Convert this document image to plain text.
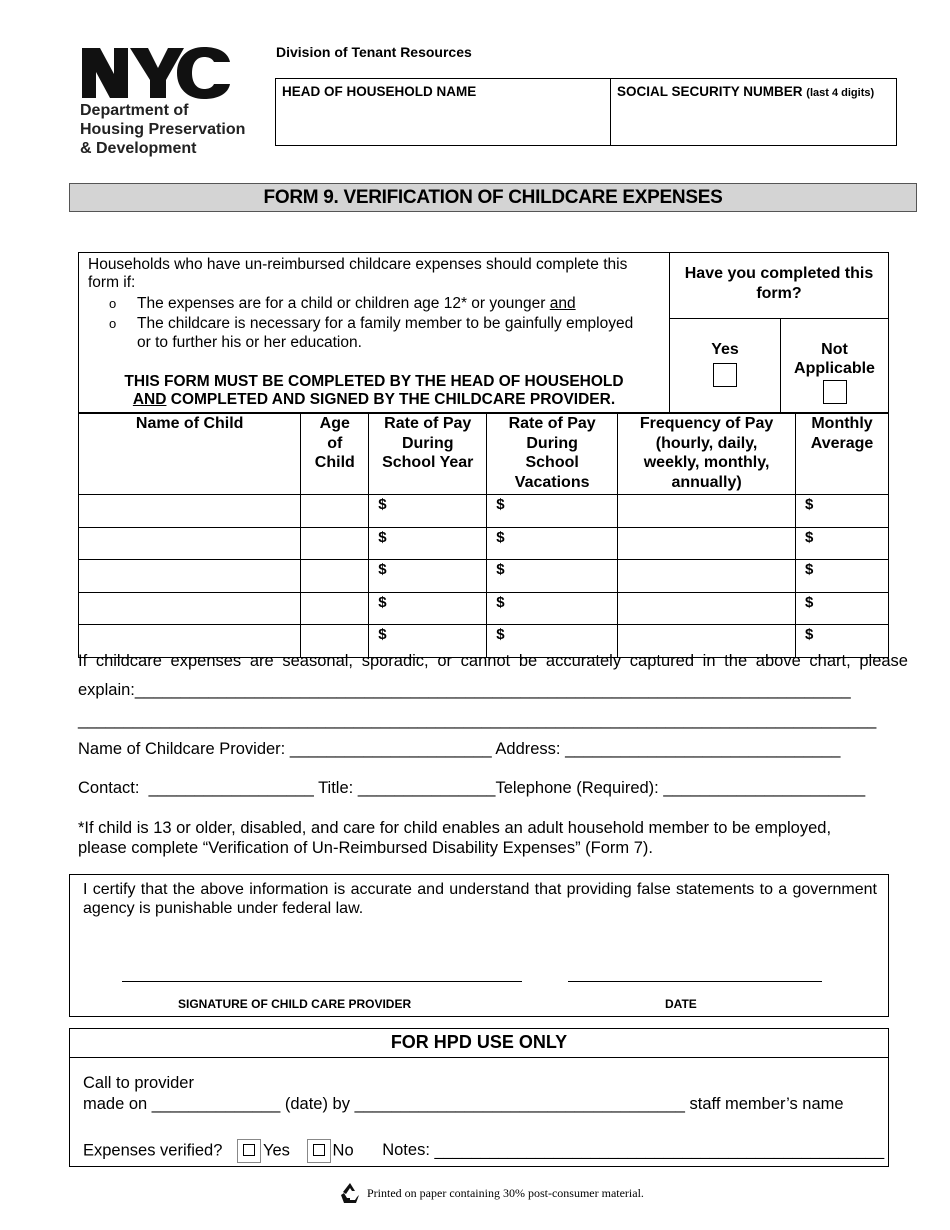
Department of
Housing Preservation
& Development
Division of Tenant Resources
HEAD OF HOUSEHOLD NAME	SOCIAL SECURITY NUMBER (last 4 digits)
FORM 9. VERIFICATION OF CHILDCARE EXPENSES
Households who have un-reimbursed childcare expenses should complete this form if:
o The expenses are for a child or children age 12* or younger and
o The childcare is necessary for a family member to be gainfully employed or to further his or her education.
THIS FORM MUST BE COMPLETED BY THE HEAD OF HOUSEHOLD
AND COMPLETED AND SIGNED BY THE CHILDCARE PROVIDER.
Have you completed this form?
Yes	Not Applicable
Name of Child	Age of Child	Rate of Pay During School Year	Rate of Pay During School Vacations	Frequency of Pay (hourly, daily, weekly, monthly, annually)	Monthly Average

		$	$		$
		$	$		$
		$	$		$
		$	$		$
		$	$		$
If childcare expenses are seasonal, sporadic, or cannot be accurately captured in the above chart, please
explain:______________________________________________________________________________
_______________________________________________________________________________________
Name of Childcare Provider: ______________________ Address: ______________________________
Contact:  __________________ Title: _______________Telephone (Required): ______________________
*If child is 13 or older, disabled, and care for child enables an adult household member to be employed, please complete “Verification of Un-Reimbursed Disability Expenses” (Form 7).
I certify that the above information is accurate and understand that providing false statements to a government agency is punishable under federal law.
SIGNATURE OF CHILD CARE PROVIDER	DATE
FOR HPD USE ONLY
Call to provider
made on ______________ (date) by ____________________________________ staff member’s name
Expenses verified? Yes	No Notes: _________________________________________________
Printed on paper containing 30% post-consumer material.
